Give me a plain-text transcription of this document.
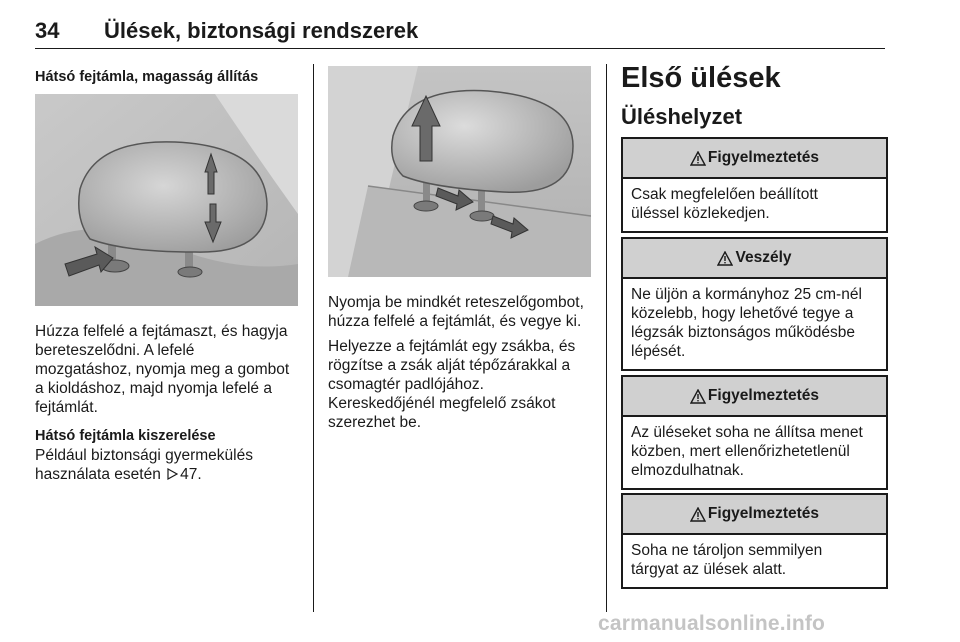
34 Ülések, biztonsági rendszerek

Hátsó fejtámla, magasság állítás

Húzza felfelé a fejtámaszt, és hagyja

bereteszelődni. A lefelé

mozgatáshoz, nyomja meg a gombot

a kioldáshoz, majd nyomja lefelé a

fejtámlát.

Hátsó fejtámla kiszerelése

Például biztonsági gyermekülés

használata esetén 47.

Nyomja be mindkét reteszelőgombot,

húzza felfelé a fejtámlát, és vegye ki.

Helyezze a fejtámlát egy zsákba, és

rögzítse a zsák alját tépőzárakkal a

csomagtér padlójához.

Kereskedőjénél megfelelő zsákot

szerezhet be.

Első ülések
Üléshelyzet
Figyelmeztetés
Csak megfelelően beállított
üléssel közlekedjen.
Veszély
Ne üljön a kormányhoz 25 cm-nél
közelebb, hogy lehetővé tegye a
légzsák biztonságos működésbe
lépését.
Figyelmeztetés
Az üléseket soha ne állítsa menet
közben, mert ellenőrizhetetlenül
elmozdulhatnak.
Figyelmeztetés
Soha ne tároljon semmilyen
tárgyat az ülések alatt.
carmanualsonline.info
